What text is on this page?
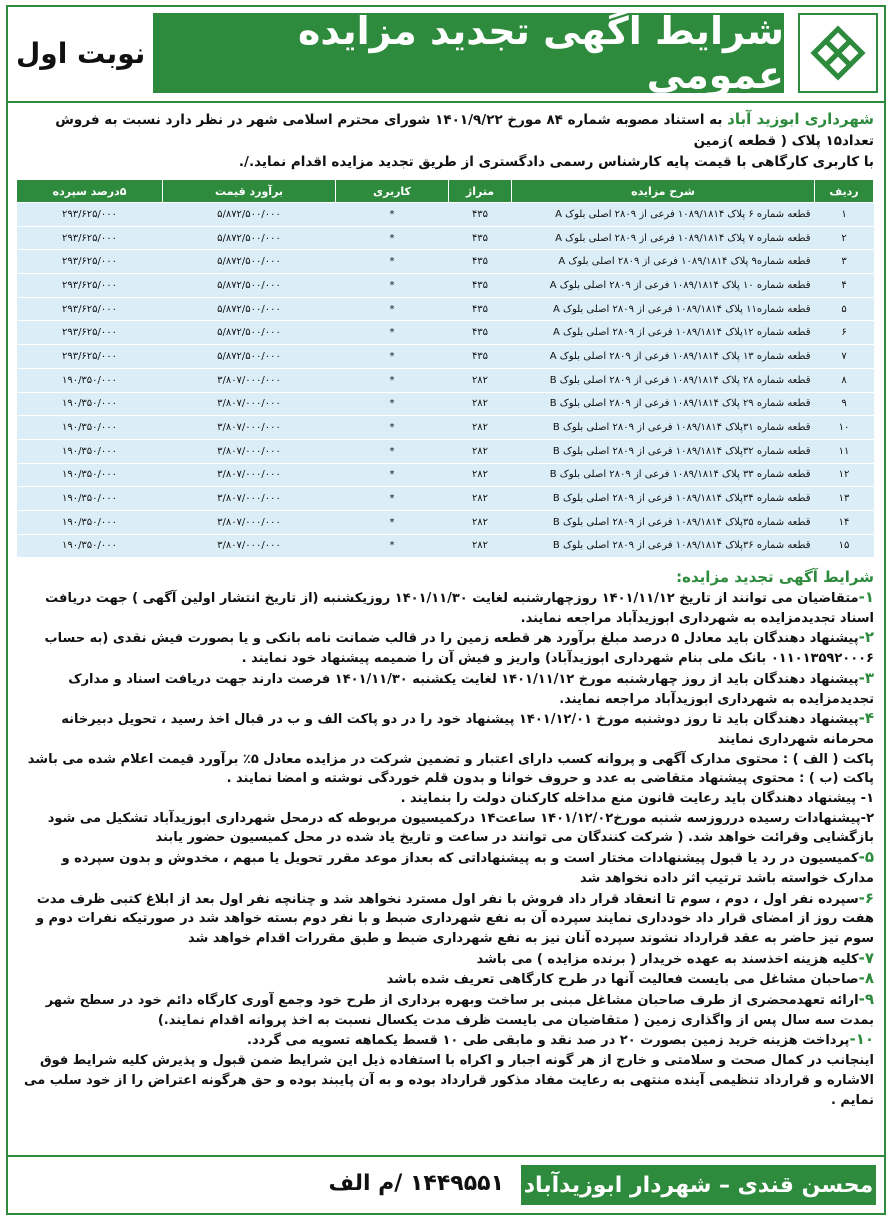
شرایط آگهی تجدید مزایده عمومی
نوبت اول
شهرداری ابوزید آباد به استناد مصوبه شماره ۸۴ مورخ ۱۴۰۱/۹/۲۲ شورای محترم اسلامی شهر در نظر دارد نسبت به فروش تعداد۱۵ پلاک ( قطعه )زمین
با کاربری کارگاهی با قیمت پایه کارشناس رسمی دادگستری از طریق تجدید مزایده اقدام نماید./.
ردیف	شرح مزایده	متراژ	کاربری	برآورد قیمت	۵درصد سپرده
۱	قطعه شماره ۶ پلاک ۱۰۸۹/۱۸۱۴ فرعی از ۲۸۰۹ اصلی بلوک A	۴۳۵	*	۵/۸۷۲/۵۰۰/۰۰۰	۲۹۳/۶۲۵/۰۰۰
۲	قطعه شماره ۷ پلاک ۱۰۸۹/۱۸۱۴ فرعی از ۲۸۰۹ اصلی بلوک A	۴۳۵	*	۵/۸۷۲/۵۰۰/۰۰۰	۲۹۳/۶۲۵/۰۰۰
۳	قطعه شماره۹ پلاک ۱۰۸۹/۱۸۱۴ فرعی از ۲۸۰۹ اصلی بلوک A	۴۳۵	*	۵/۸۷۲/۵۰۰/۰۰۰	۲۹۳/۶۲۵/۰۰۰
۴	قطعه شماره ۱۰ پلاک ۱۰۸۹/۱۸۱۴ فرعی از ۲۸۰۹ اصلی بلوک A	۴۳۵	*	۵/۸۷۲/۵۰۰/۰۰۰	۲۹۳/۶۲۵/۰۰۰
۵	قطعه شماره۱۱ پلاک ۱۰۸۹/۱۸۱۴ فرعی از ۲۸۰۹ اصلی بلوک A	۴۳۵	*	۵/۸۷۲/۵۰۰/۰۰۰	۲۹۳/۶۲۵/۰۰۰
۶	قطعه شماره ۱۲پلاک ۱۰۸۹/۱۸۱۴ فرعی از ۲۸۰۹ اصلی بلوک A	۴۳۵	*	۵/۸۷۲/۵۰۰/۰۰۰	۲۹۳/۶۲۵/۰۰۰
۷	قطعه شماره ۱۳ پلاک ۱۰۸۹/۱۸۱۴ فرعی از ۲۸۰۹ اصلی بلوک A	۴۳۵	*	۵/۸۷۲/۵۰۰/۰۰۰	۲۹۳/۶۲۵/۰۰۰
۸	قطعه شماره ۲۸ پلاک ۱۰۸۹/۱۸۱۴ فرعی از ۲۸۰۹ اصلی بلوک B	۲۸۲	*	۳/۸۰۷/۰۰۰/۰۰۰	۱۹۰/۳۵۰/۰۰۰
۹	قطعه شماره ۲۹ پلاک ۱۰۸۹/۱۸۱۴ فرعی از ۲۸۰۹ اصلی بلوک B	۲۸۲	*	۳/۸۰۷/۰۰۰/۰۰۰	۱۹۰/۳۵۰/۰۰۰
۱۰	قطعه شماره ۳۱پلاک ۱۰۸۹/۱۸۱۴ فرعی از ۲۸۰۹ اصلی بلوک B	۲۸۲	*	۳/۸۰۷/۰۰۰/۰۰۰	۱۹۰/۳۵۰/۰۰۰
۱۱	قطعه شماره ۳۲پلاک ۱۰۸۹/۱۸۱۴ فرعی از ۲۸۰۹ اصلی بلوک B	۲۸۲	*	۳/۸۰۷/۰۰۰/۰۰۰	۱۹۰/۳۵۰/۰۰۰
۱۲	قطعه شماره ۳۳ پلاک ۱۰۸۹/۱۸۱۴ فرعی از ۲۸۰۹ اصلی بلوک B	۲۸۲	*	۳/۸۰۷/۰۰۰/۰۰۰	۱۹۰/۳۵۰/۰۰۰
۱۳	قطعه شماره ۳۴پلاک ۱۰۸۹/۱۸۱۴ فرعی از ۲۸۰۹ اصلی بلوک B	۲۸۲	*	۳/۸۰۷/۰۰۰/۰۰۰	۱۹۰/۳۵۰/۰۰۰
۱۴	قطعه شماره ۳۵پلاک ۱۰۸۹/۱۸۱۴ فرعی از ۲۸۰۹ اصلی بلوک B	۲۸۲	*	۳/۸۰۷/۰۰۰/۰۰۰	۱۹۰/۳۵۰/۰۰۰
۱۵	قطعه شماره ۳۶پلاک ۱۰۸۹/۱۸۱۴ فرعی از ۲۸۰۹ اصلی بلوک B	۲۸۲	*	۳/۸۰۷/۰۰۰/۰۰۰	۱۹۰/۳۵۰/۰۰۰
شرایط آگهی تجدید مزایده:

۱-متقاضیان می توانند از تاریخ ۱۴۰۱/۱۱/۱۲ روزچهارشنبه لغایت ۱۴۰۱/۱۱/۳۰ روزیکشنبه (از تاریخ انتشار اولین آگهی ) جهت دریافت اسناد تجدیدمزایده به شهرداری ابوزیدآباد مراجعه نمایند.

۲-پیشنهاد دهندگان باید معادل ۵ درصد مبلغ برآورد هر قطعه زمین را در قالب ضمانت نامه بانکی و یا بصورت فیش نقدی (به حساب ۰۱۱۰۱۳۵۹۲۰۰۰۶ بانک ملی بنام شهرداری ابوزیدآباد) واریز و فیش آن را ضمیمه پیشنهاد خود نمایند .

۳-پیشنهاد دهندگان باید از روز چهارشنبه مورخ ۱۴۰۱/۱۱/۱۲ لغایت یکشنبه ۱۴۰۱/۱۱/۳۰ فرصت دارند جهت دریافت اسناد و مدارک تجدیدمزایده به شهرداری ابوزیدآباد مراجعه نمایند.

۴-پیشنهاد دهندگان باید تا روز دوشنبه مورخ ۱۴۰۱/۱۲/۰۱ پیشنهاد خود را در دو پاکت الف و ب در قبال اخذ رسید ، تحویل دبیرخانه محرمانه شهرداری نمایند

پاکت ( الف ) : محتوی مدارک آگهی و پروانه کسب دارای اعتبار و تضمین شرکت در مزایده معادل ۵٪ برآورد قیمت اعلام شده می باشد

پاکت (ب ) : محتوی پیشنهاد متقاضی به عدد و حروف خوانا و بدون قلم خوردگی نوشته و امضا نمایند .

۱- پیشنهاد دهندگان باید رعایت قانون منع مداخله کارکنان دولت را بنمایند .

۲-پیشنهادات رسیده درروزسه شنبه مورخ۱۴۰۱/۱۲/۰۲ ساعت۱۴ درکمیسیون مربوطه که درمحل شهرداری ابوزیدآباد تشکیل می شود بازگشایی وقرائت خواهد شد. ( شرکت کنندگان می توانند در ساعت و تاریخ یاد شده در محل کمیسیون حضور یابند

۵-کمیسیون در رد یا قبول پیشنهادات مختار است و به پیشنهاداتی که بعداز موعد مقرر تحویل یا مبهم ، مخدوش و بدون سپرده و مدارک خواسته باشد ترتیب اثر داده نخواهد شد

۶-سپرده نفر اول ، دوم ، سوم تا انعقاد قرار داد فروش با نفر اول مسترد نخواهد شد و چنانچه نفر اول بعد از ابلاغ کتبی ظرف مدت هفت روز از امضای قرار داد خودداری نمایند سپرده آن به نفع شهرداری ضبط و با نفر دوم بسته خواهد شد در صورتیکه نفرات دوم و سوم نیز حاضر به عقد قرارداد نشوند سپرده آنان نیز به نفع شهرداری ضبط و طبق مقررات اقدام خواهد شد

۷-کلیه هزینه اخذسند به عهده خریدار ( برنده مزایده ) می باشد

۸-صاحبان مشاغل می بایست فعالیت آنها در طرح کارگاهی تعریف شده باشد

۹-ارائه تعهدمحضری از طرف صاحبان مشاغل مبنی بر ساخت وبهره برداری از طرح خود وجمع آوری کارگاه دائم خود در سطح شهر بمدت سه سال پس از واگذاری زمین ( متقاضیان می بایست ظرف مدت یکسال نسبت به اخذ پروانه اقدام نمایند.)

۱۰-پرداخت هزینه خرید زمین بصورت ۲۰ در صد نقد و مابقی طی ۱۰ قسط یکماهه تسویه می گردد.

اینجانب در کمال صحت و سلامتی و خارج از هر گونه اجبار و اکراه با استفاده ذیل این شرایط ضمن قبول و پذیرش کلیه شرایط فوق الاشاره و قرارداد تنظیمی آینده منتهی به رعایت مفاد مذکور قرارداد بوده و به آن پایبند بوده و حق هرگونه اعتراض را از خود سلب می نمایم .

محسن قندی – شهردار ابوزیدآباد
۱۴۴۹۵۵۱ /م الف
